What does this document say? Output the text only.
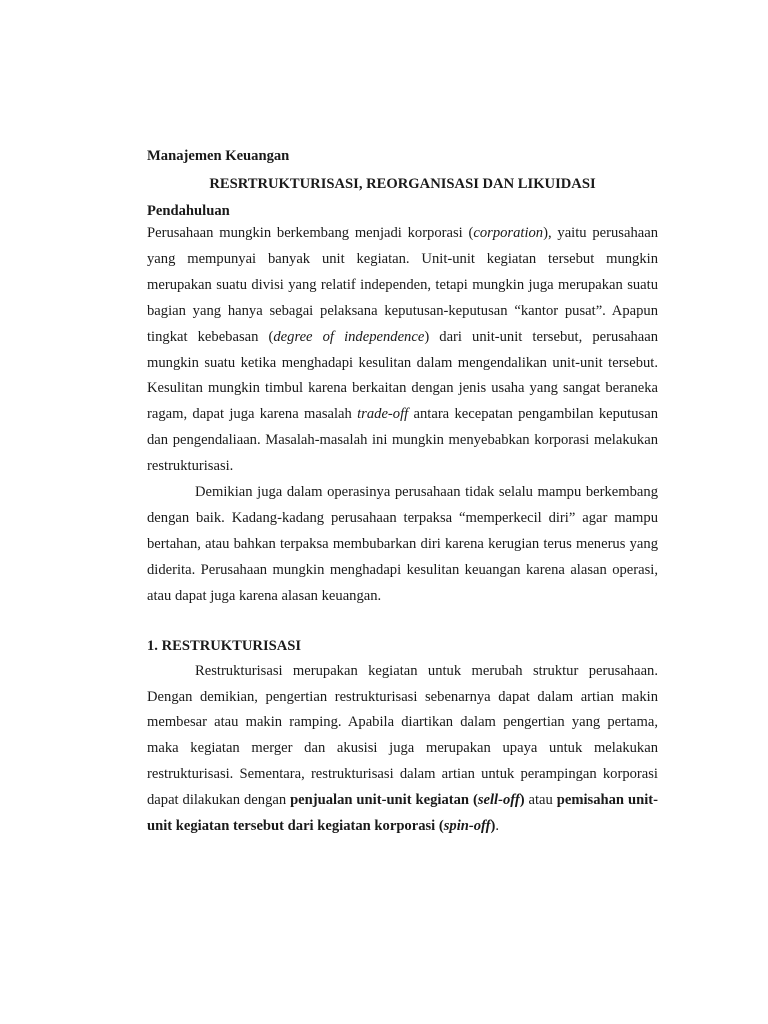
Manajemen Keuangan
RESRTRUKTURISASI, REORGANISASI DAN LIKUIDASI
Pendahuluan

Perusahaan mungkin berkembang menjadi korporasi (corporation), yaitu perusahaan yang mempunyai banyak unit kegiatan. Unit-unit kegiatan tersebut mungkin merupakan suatu divisi yang relatif independen, tetapi mungkin juga merupakan suatu bagian yang hanya sebagai pelaksana keputusan-keputusan “kantor pusat”. Apapun tingkat kebebasan (degree of independence) dari unit-unit tersebut, perusahaan mungkin suatu ketika menghadapi kesulitan dalam mengendalikan unit-unit tersebut. Kesulitan mungkin timbul karena berkaitan dengan jenis usaha yang sangat beraneka ragam, dapat juga karena masalah trade-off antara kecepatan pengambilan keputusan dan pengendaliaan. Masalah-masalah ini mungkin menyebabkan korporasi melakukan restrukturisasi.

Demikian juga dalam operasinya perusahaan tidak selalu mampu berkembang dengan baik. Kadang-kadang perusahaan terpaksa “memperkecil diri” agar mampu bertahan, atau bahkan terpaksa membubarkan diri karena kerugian terus menerus yang diderita. Perusahaan mungkin menghadapi kesulitan keuangan karena alasan operasi, atau dapat juga karena alasan keuangan.

1. RESTRUKTURISASI

Restrukturisasi merupakan kegiatan untuk merubah struktur perusahaan. Dengan demikian, pengertian restrukturisasi sebenarnya dapat dalam artian makin membesar atau makin ramping. Apabila diartikan dalam pengertian yang pertama, maka kegiatan merger dan akusisi juga merupakan upaya untuk melakukan restrukturisasi. Sementara, restrukturisasi dalam artian untuk perampingan korporasi dapat dilakukan dengan penjualan unit-unit kegiatan (sell-off) atau pemisahan unit-unit kegiatan tersebut dari kegiatan korporasi (spin-off).
